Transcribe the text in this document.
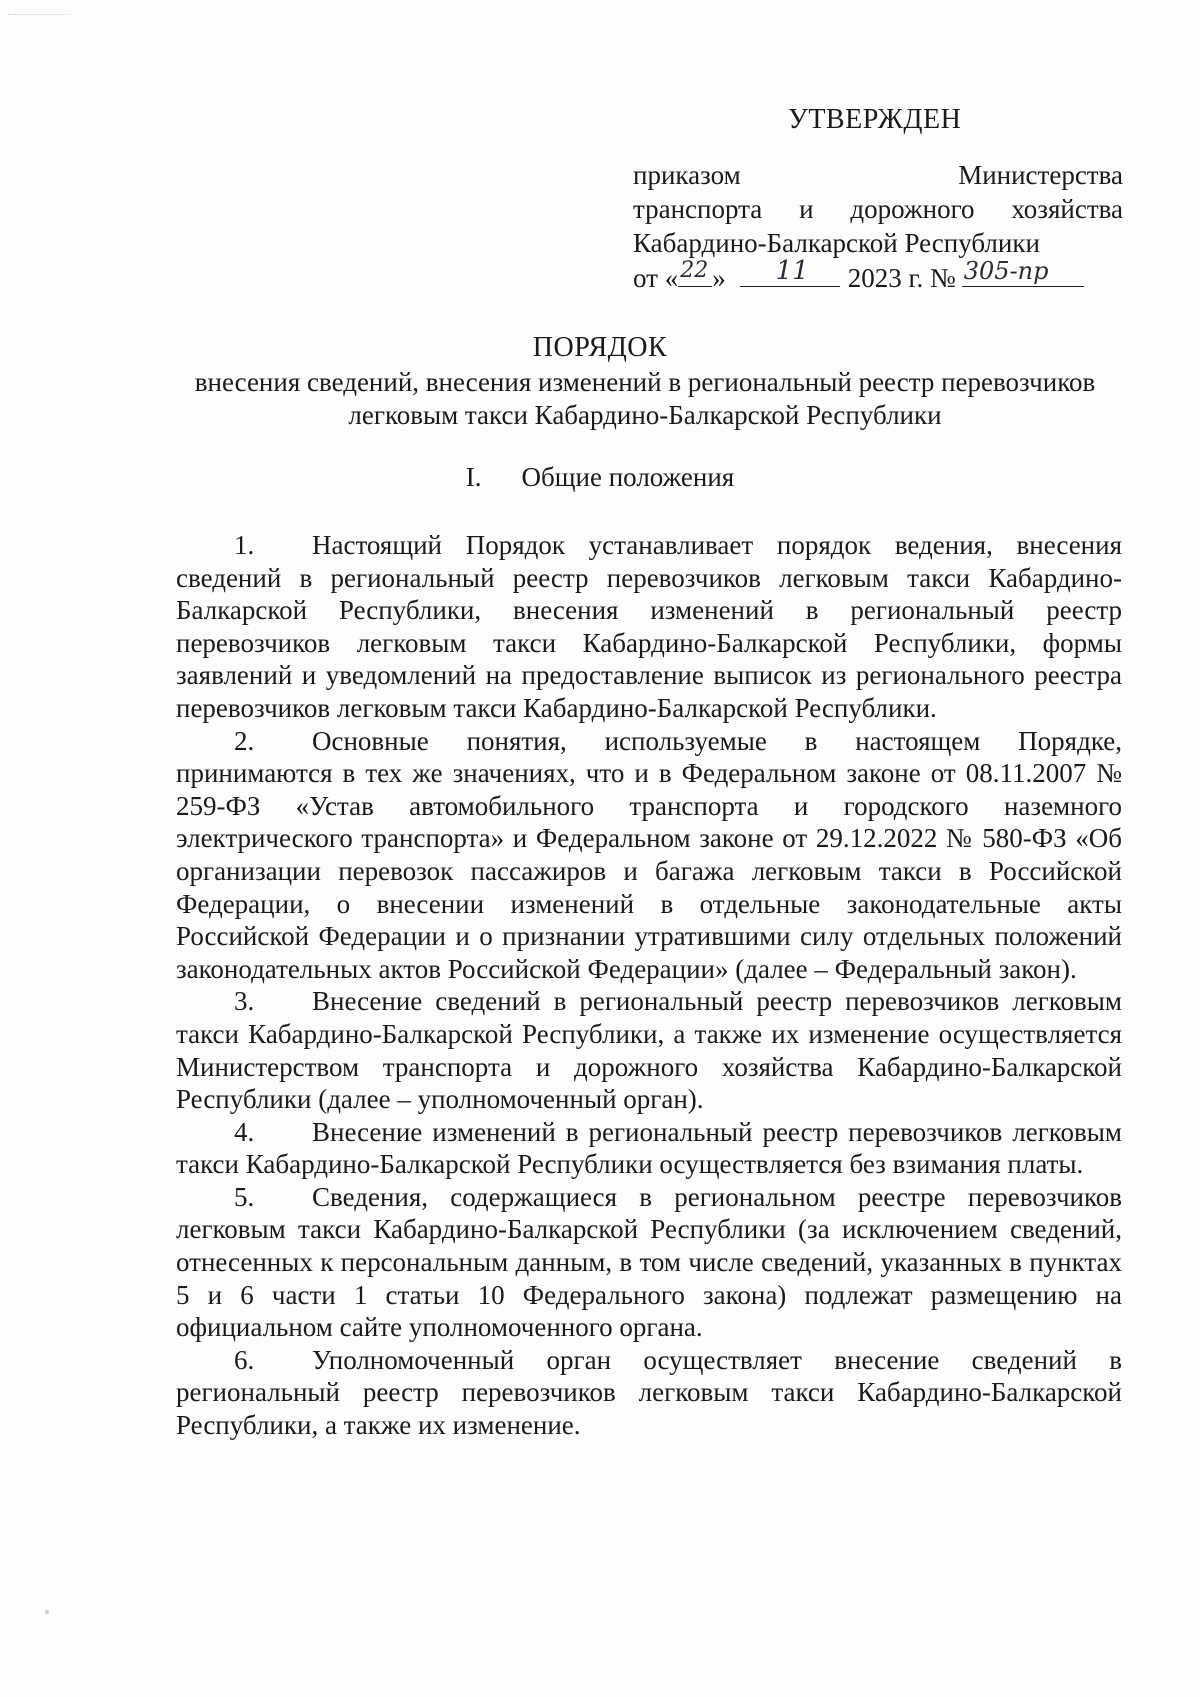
УТВЕРЖДЕН
приказом	Министерства
транспорта и дорожного хозяйства
Кабардино-Балкарской Республики
от « 22 » 11 2023 г. № 305-пр
ПОРЯДОК
внесения сведений, внесения изменений в региональный реестр перевозчиков
легковым такси Кабардино-Балкарской Республики
I. Общие положения

1. Настоящий Порядок устанавливает порядок ведения, внесения сведений в региональный реестр перевозчиков легковым такси Кабардино-Балкарской Республики, внесения изменений в региональный реестр перевозчиков легковым такси Кабардино-Балкарской Республики, формы заявлений и уведомлений на предоставление выписок из регионального реестра перевозчиков легковым такси Кабардино-Балкарской Республики.

2. Основные понятия, используемые в настоящем Порядке, принимаются в тех же значениях, что и в Федеральном законе от 08.11.2007 № 259-ФЗ «Устав автомобильного транспорта и городского наземного электрического транспорта» и Федеральном законе от 29.12.2022 № 580-ФЗ «Об организации перевозок пассажиров и багажа легковым такси в Российской Федерации, о внесении изменений в отдельные законодательные акты Российской Федерации и о признании утратившими силу отдельных положений законодательных актов Российской Федерации» (далее – Федеральный закон).

3. Внесение сведений в региональный реестр перевозчиков легковым такси Кабардино-Балкарской Республики, а также их изменение осуществляется Министерством транспорта и дорожного хозяйства Кабардино-Балкарской Республики (далее – уполномоченный орган).

4. Внесение изменений в региональный реестр перевозчиков легковым такси Кабардино-Балкарской Республики осуществляется без взимания платы.

5. Сведения, содержащиеся в региональном реестре перевозчиков легковым такси Кабардино-Балкарской Республики (за исключением сведений, отнесенных к персональным данным, в том числе сведений, указанных в пунктах 5 и 6 части 1 статьи 10 Федерального закона) подлежат размещению на официальном сайте уполномоченного органа.

6. Уполномоченный орган осуществляет внесение сведений в региональный реестр перевозчиков легковым такси Кабардино-Балкарской Республики, а также их изменение.
